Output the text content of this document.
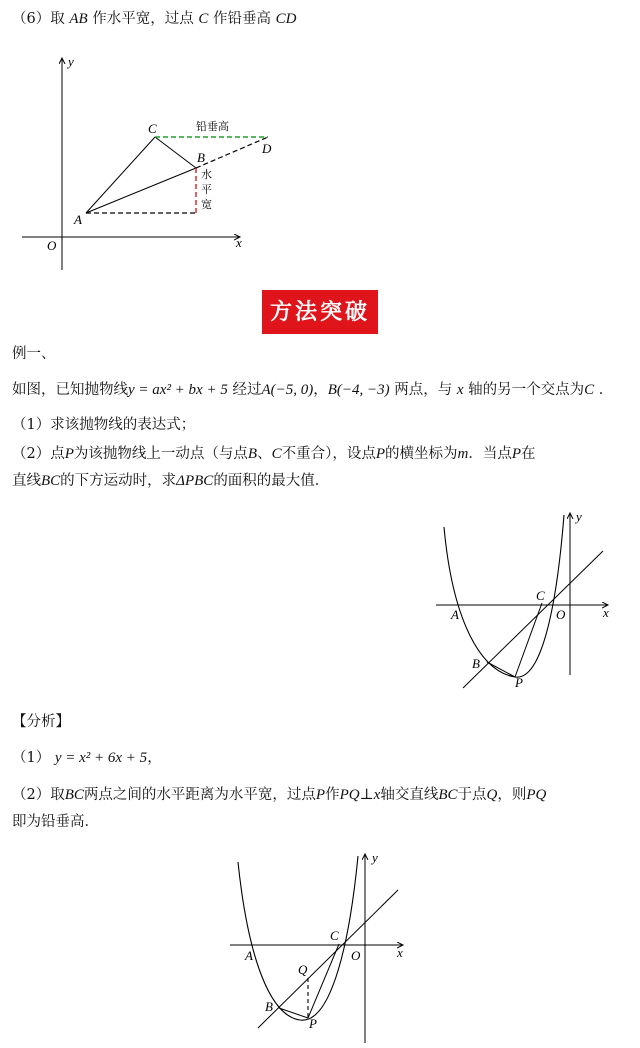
（6）取 AB 作水平宽，过点 C 作铅垂高 CD
y
x
O
A
B
C
D
铅垂高
水
平
宽
方法突破
例一、
如图，已知抛物线y = ax² + bx + 5 经过A(−5, 0)，B(−4, −3) 两点，与 x 轴的另一个交点为C ．
（1）求该抛物线的表达式；
（2）点P为该抛物线上一动点（与点B、C不重合），设点P的横坐标为m．当点P在
直线BC的下方运动时，求ΔPBC的面积的最大值．
y
x
O
A
C
B
P
【分析】
（1） y = x² + 6x + 5，
（2）取BC两点之间的水平距离为水平宽，过点P作PQ⊥x轴交直线BC于点Q，则PQ
即为铅垂高．
y
x
O
A
C
Q
B
P
